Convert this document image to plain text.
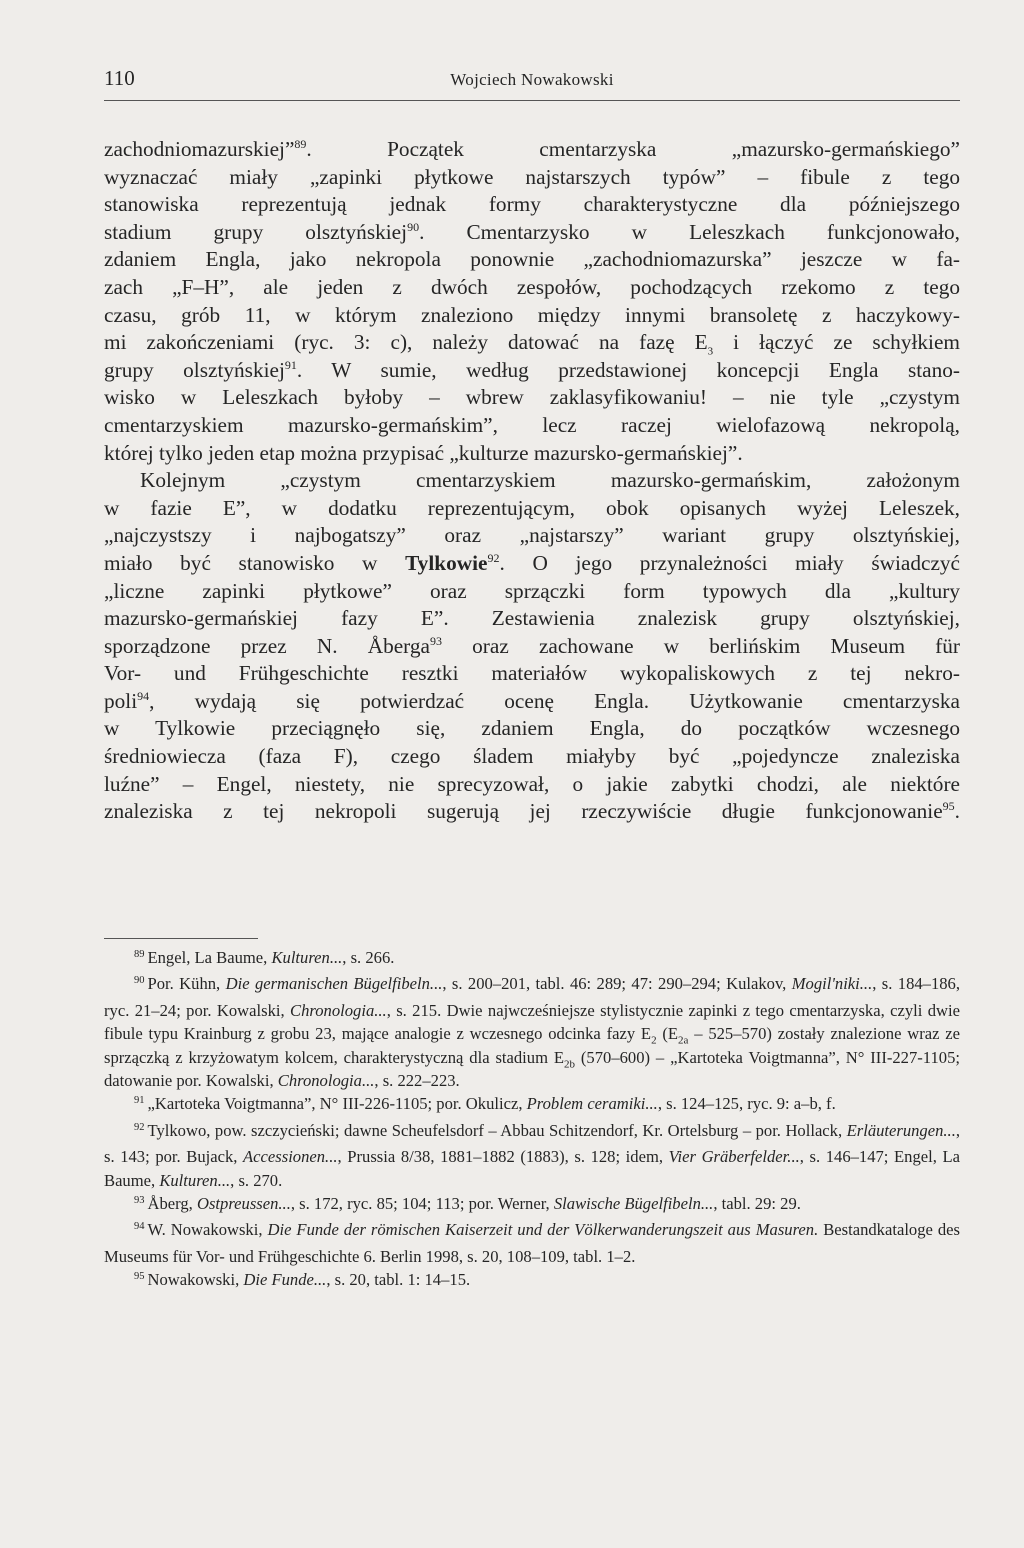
110	Wojciech Nowakowski

zachodniomazurskiej”$^{89}$. Początek cmentarzyska „mazursko-germańskiego”

wyznaczać miały „zapinki płytkowe najstarszych typów” – fibule z tego

stanowiska reprezentują jednak formy charakterystyczne dla późniejszego

stadium grupy olsztyńskiej$^{90}$. Cmentarzysko w Leleszkach funkcjonowało,

zdaniem Engla, jako nekropola ponownie „zachodniomazurska” jeszcze w fa-

zach „F–H”, ale jeden z dwóch zespołów, pochodzących rzekomo z tego

czasu, grób 11, w którym znaleziono między innymi bransoletę z haczykowy-

mi zakończeniami (ryc. 3: c), należy datować na fazę $E_3$ i łączyć ze schyłkiem

grupy olsztyńskiej$^{91}$. W sumie, według przedstawionej koncepcji Engla stano-

wisko w Leleszkach byłoby – wbrew zaklasyfikowaniu! – nie tyle „czystym

cmentarzyskiem mazursko-germańskim”, lecz raczej wielofazową nekropolą,

której tylko jeden etap można przypisać „kulturze mazursko-germańskiej”.

Kolejnym „czystym cmentarzyskiem mazursko-germańskim, założonym

w fazie E”, w dodatku reprezentującym, obok opisanych wyżej Leleszek,

„najczystszy i najbogatszy” oraz „najstarszy” wariant grupy olsztyńskiej,

miało być stanowisko w Tylkowie$^{92}$. O jego przynależności miały świadczyć

„liczne zapinki płytkowe” oraz sprzączki form typowych dla „kultury

mazursko-germańskiej fazy E”. Zestawienia znalezisk grupy olsztyńskiej,

sporządzone przez N. Åberga$^{93}$ oraz zachowane w berlińskim Museum für

Vor- und Frühgeschichte resztki materiałów wykopaliskowych z tej nekro-

poli$^{94}$, wydają się potwierdzać ocenę Engla. Użytkowanie cmentarzyska

w Tylkowie przeciągnęło się, zdaniem Engla, do początków wczesnego

średniowiecza (faza F), czego śladem miałyby być „pojedyncze znaleziska

luźne” – Engel, niestety, nie sprecyzował, o jakie zabytki chodzi, ale niektóre

znaleziska z tej nekropoli sugerują jej rzeczywiście długie funkcjonowanie$^{95}$.

$^{89}$ Engel, La Baume, Kulturen..., s. 266.

$^{90}$ Por. Kühn, Die germanischen Bügelfibeln..., s. 200–201, tabl. 46: 289; 47: 290–294; Kulakov, Mogil'niki..., s. 184–186, ryc. 21–24; por. Kowalski, Chronologia..., s. 215. Dwie najwcześniejsze stylistycznie zapinki z tego cmentarzyska, czyli dwie fibule typu Krainburg z grobu 23, mające analogie z wczesnego odcinka fazy $E_2$ $(E_{2a} - 525-570)$ zostały znalezione wraz ze sprzączką z krzyżowatym kolcem, charakterystyczną dla stadium $E_{2b}$ (570–600) – „Kartoteka Voigtmanna”, N° III-227-1105; datowanie por. Kowalski, Chronologia..., s. 222–223.

$^{91}$ „Kartoteka Voigtmanna”, N° III-226-1105; por. Okulicz, Problem ceramiki..., s. 124–125, ryc. 9: a–b, f.

$^{92}$ Tylkowo, pow. szczycieński; dawne Scheufelsdorf – Abbau Schitzendorf, Kr. Ortelsburg – por. Hollack, Erläuterungen..., s. 143; por. Bujack, Accessionen..., Prussia 8/38, 1881–1882 (1883), s. 128; idem, Vier Gräberfelder..., s. 146–147; Engel, La Baume, Kulturen..., s. 270.

$^{93}$ Åberg, Ostpreussen..., s. 172, ryc. 85; 104; 113; por. Werner, Slawische Bügelfibeln..., tabl. 29: 29.

$^{94}$ W. Nowakowski, Die Funde der römischen Kaiserzeit und der Völkerwanderungszeit aus Masuren. Bestandkataloge des Museums für Vor- und Frühgeschichte 6. Berlin 1998, s. 20, 108–109, tabl. 1–2.

$^{95}$ Nowakowski, Die Funde..., s. 20, tabl. 1: 14–15.
